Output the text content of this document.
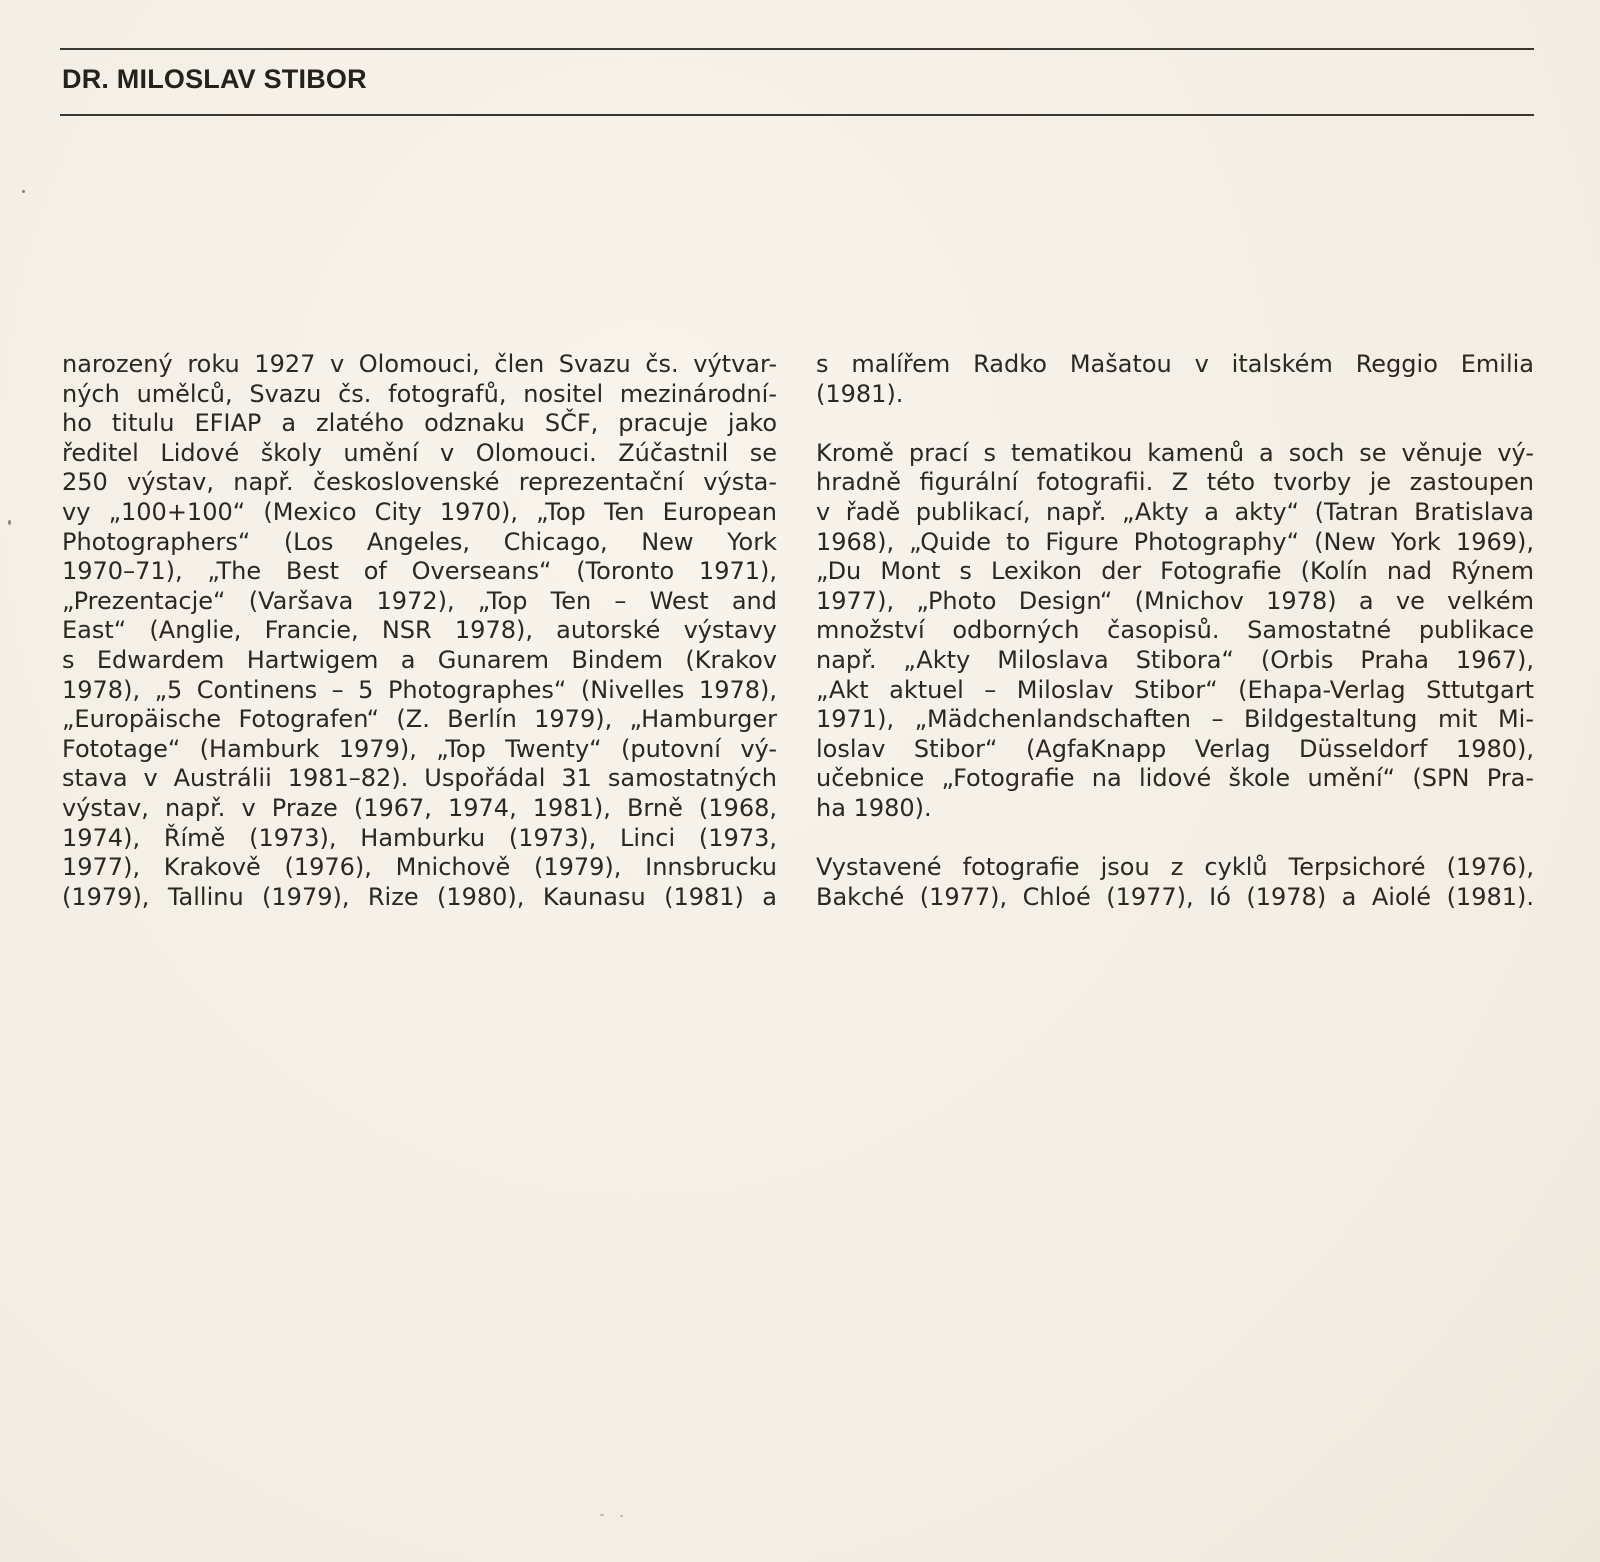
DR. MILOSLAV STIBOR
narozený roku 1927 v Olomouci, člen Svazu čs. výtvar-
ných umělců, Svazu čs. fotografů, nositel mezinárodní-
ho titulu EFIAP a zlatého odznaku SČF, pracuje jako
ředitel Lidové školy umění v Olomouci. Zúčastnil se
250 výstav, např. československé reprezentační výsta-
vy „100+100“ (Mexico City 1970), „Top Ten European
Photographers“ (Los Angeles, Chicago, New York
1970–71), „The Best of Overseans“ (Toronto 1971),
„Prezentacje“ (Varšava 1972), „Top Ten – West and
East“ (Anglie, Francie, NSR 1978), autorské výstavy
s Edwardem Hartwigem a Gunarem Bindem (Krakov
1978), „5 Continens – 5 Photographes“ (Nivelles 1978),
„Europäische Fotografen“ (Z. Berlín 1979), „Hamburger
Fototage“ (Hamburk 1979), „Top Twenty“ (putovní vý-
stava v Austrálii 1981–82). Uspořádal 31 samostatných
výstav, např. v Praze (1967, 1974, 1981), Brně (1968,
1974), Římě (1973), Hamburku (1973), Linci (1973,
1977), Krakově (1976), Mnichově (1979), Innsbrucku
(1979), Tallinu (1979), Rize (1980), Kaunasu (1981) a
s malířem Radko Mašatou v italském Reggio Emilia
(1981).
Kromě prací s tematikou kamenů a soch se věnuje vý-
hradně figurální fotografii. Z této tvorby je zastoupen
v řadě publikací, např. „Akty a akty“ (Tatran Bratislava
1968), „Quide to Figure Photography“ (New York 1969),
„Du Mont s Lexikon der Fotografie (Kolín nad Rýnem
1977), „Photo Design“ (Mnichov 1978) a ve velkém
množství odborných časopisů. Samostatné publikace
např. „Akty Miloslava Stibora“ (Orbis Praha 1967),
„Akt aktuel – Miloslav Stibor“ (Ehapa-Verlag Sttutgart
1971), „Mädchenlandschaften – Bildgestaltung mit Mi-
loslav Stibor“ (AgfaKnapp Verlag Düsseldorf 1980),
učebnice „Fotografie na lidové škole umění“ (SPN Pra-
ha 1980).
Vystavené fotografie jsou z cyklů Terpsichoré (1976),
Bakché (1977), Chloé (1977), Ió (1978) a Aiolé (1981).
